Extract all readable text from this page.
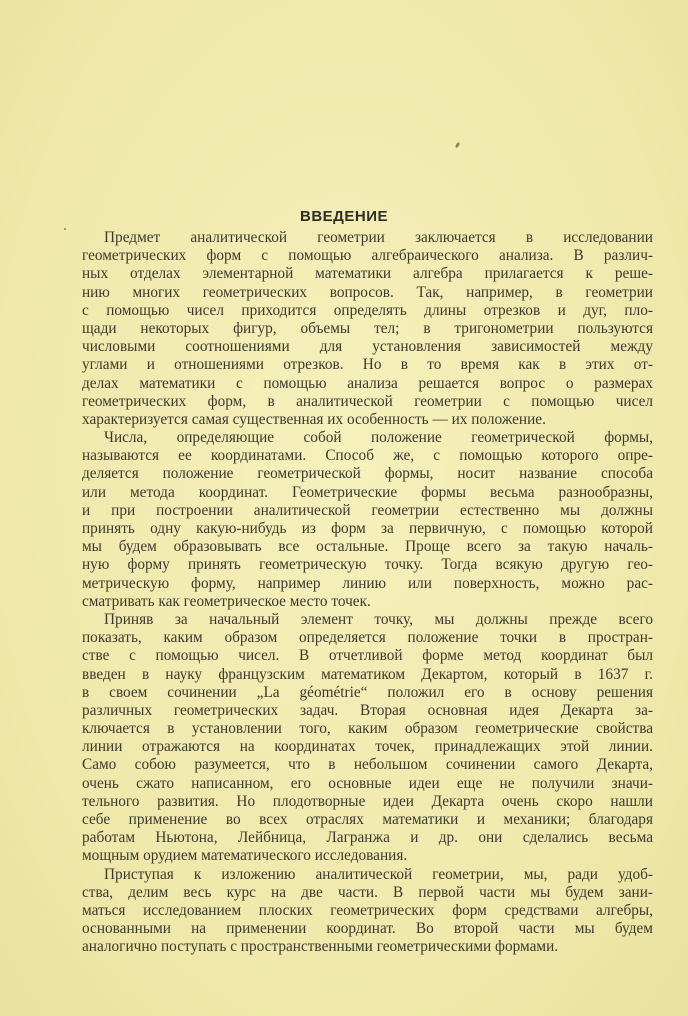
ВВЕДЕНИЕ
Предмет аналитической геометрии заключается в исследовании
геометрических форм с помощью алгебраического анализа. В различ-
ных отделах элементарной математики алгебра прилагается к реше-
нию многих геометрических вопросов. Так, например, в геометрии
с помощью чисел приходится определять длины отрезков и дуг, пло-
щади некоторых фигур, объемы тел; в тригонометрии пользуются
числовыми соотношениями для установления зависимостей между
углами и отношениями отрезков. Но в то время как в этих от-
делах математики с помощью анализа решается вопрос о размерах
геометрических форм, в аналитической геометрии с помощью чисел
характеризуется самая существенная их особенность — их положение.
Числа, определяющие собой положение геометрической формы,
называются ее координатами. Способ же, с помощью которого опре-
деляется положение геометрической формы, носит название способа
или метода координат. Геометрические формы весьма разнообразны,
и при построении аналитической геометрии естественно мы должны
принять одну какую-нибудь из форм за первичную, с помощью которой
мы будем образовывать все остальные. Проще всего за такую началь-
ную форму принять геометрическую точку. Тогда всякую другую гео-
метрическую форму, например линию или поверхность, можно рас-
сматривать как геометрическое место точек.
Приняв за начальный элемент точку, мы должны прежде всего
показать, каким образом определяется положение точки в простран-
стве с помощью чисел. В отчетливой форме метод координат был
введен в науку французским математиком Декартом, который в 1637 г.
в своем сочинении „La géométrie“ положил его в основу решения
различных геометрических задач. Вторая основная идея Декарта за-
ключается в установлении того, каким образом геометрические свойства
линии отражаются на координатах точек, принадлежащих этой линии.
Само собою разумеется, что в небольшом сочинении самого Декарта,
очень сжато написанном, его основные идеи еще не получили значи-
тельного развития. Но плодотворные идеи Декарта очень скоро нашли
себе применение во всех отраслях математики и механики; благодаря
работам Ньютона, Лейбница, Лагранжа и др. они сделались весьма
мощным орудием математического исследования.
Приступая к изложению аналитической геометрии, мы, ради удоб-
ства, делим весь курс на две части. В первой части мы будем зани-
маться исследованием плоских геометрических форм средствами алгебры,
основанными на применении координат. Во второй части мы будем
аналогично поступать с пространственными геометрическими формами.
